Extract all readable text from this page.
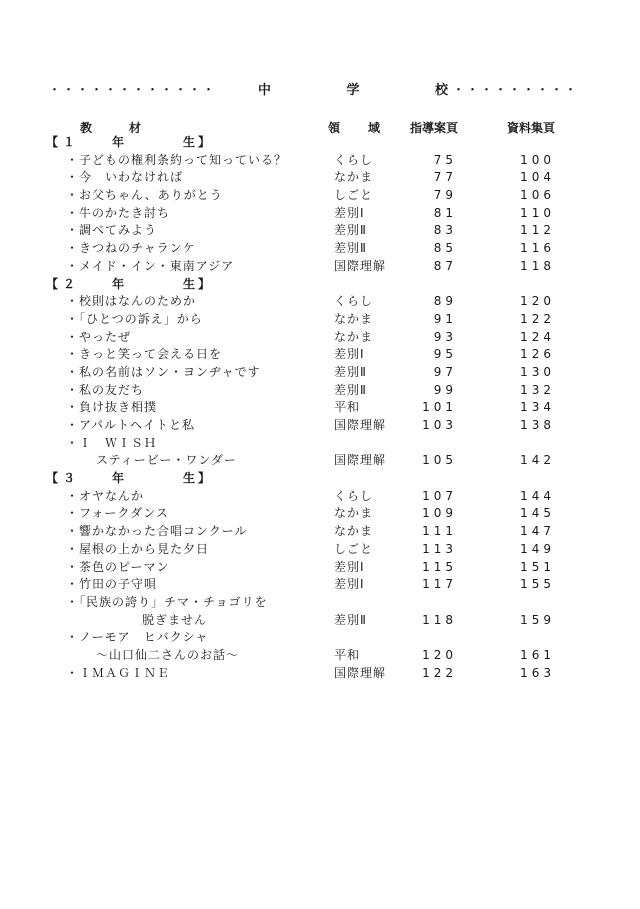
・・・・・・・・・・・・	中	学	校 ・・・・・・・・・
教	材	領 域 指導案頁	資料集頁
【 １	年	生 】
・子どもの権利条約って知っている？	くらし	75	100
・今　いわなければ	なかま	77	104
・お父ちゃん、ありがとう	しごと	79	106
・牛のかたき討ち	差別Ⅰ	81	110
・調べてみよう	差別Ⅱ	83	112
・きつねのチャランケ	差別Ⅱ	85	116
・メイド・イン・東南アジア	国際理解	87	118
【 ２	年	生 】
・校則はなんのためか	くらし	89	120
・「ひとつの訴え」から	なかま	91	122
・やったぜ	なかま	93	124
・きっと笑って会える日を	差別Ⅰ	95	126
・私の名前はソン・ヨンヂャです	差別Ⅱ	97	130
・私の友だち	差別Ⅱ	99	132
・負け抜き相撲	平和	101	134
・アパルトヘイトと私	国際理解	103	138
・Ｉ　ＷＩＳＨ
スティービー・ワンダー	国際理解	105	142
【 ３	年	生 】
・オヤなんか	くらし	107	144
・フォークダンス	なかま	109	145
・響かなかった合唱コンクール	なかま	111	147
・屋根の上から見た夕日	しごと	113	149
・茶色のピーマン	差別Ⅰ	115	151
・竹田の子守唄	差別Ⅰ	117	155
・「民族の誇り」チマ・チョゴリを
脱ぎません	差別Ⅱ	118	159
・ノーモア　ヒバクシャ
～山口仙二さんのお話～	平和	120	161
・ＩＭＡＧＩＮＥ	国際理解	122	163
